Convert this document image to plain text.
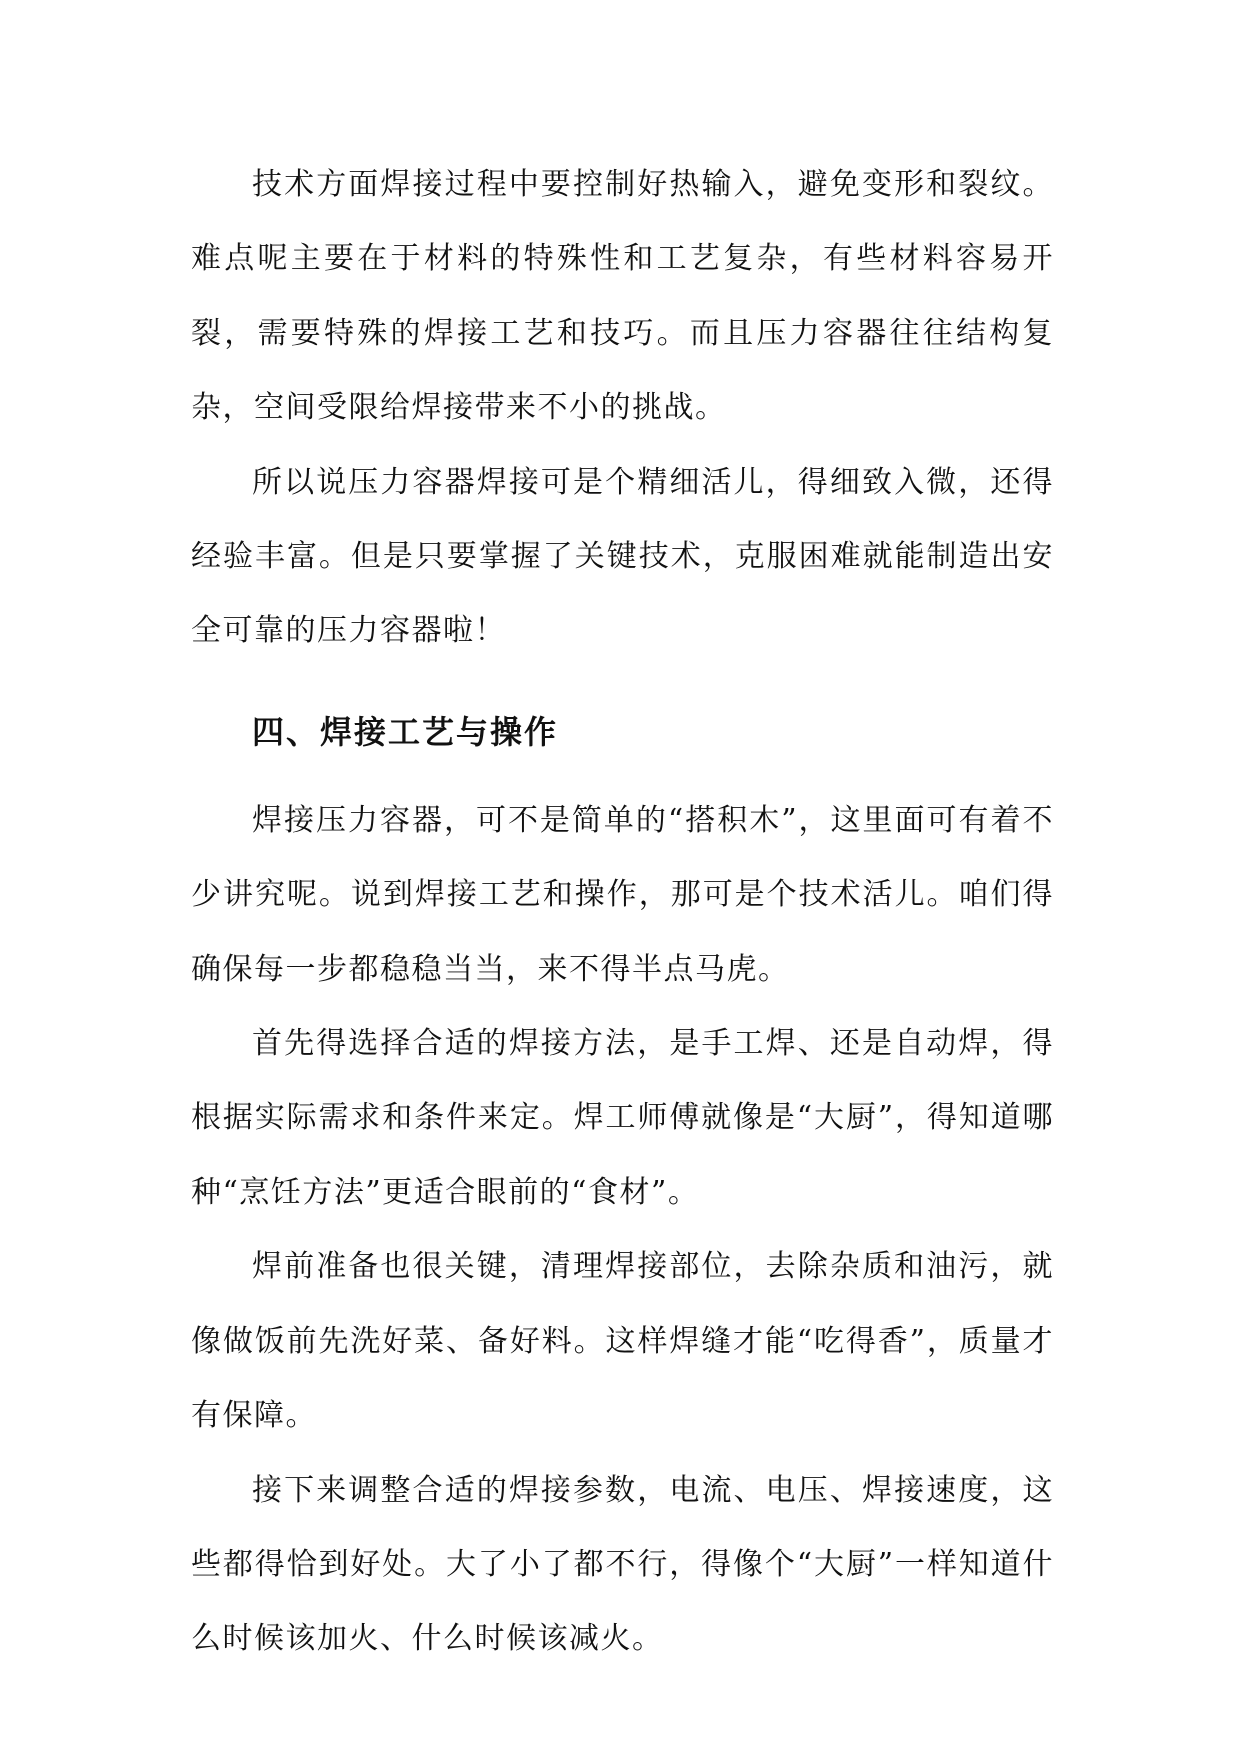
技术方面焊接过程中要控制好热输入，避免变形和裂纹。难点呢主要在于材料的特殊性和工艺复杂，有些材料容易开裂，需要特殊的焊接工艺和技巧。而且压力容器往往结构复杂，空间受限给焊接带来不小的挑战。

所以说压力容器焊接可是个精细活儿，得细致入微，还得经验丰富。但是只要掌握了关键技术，克服困难就能制造出安全可靠的压力容器啦！

四、焊接工艺与操作

焊接压力容器，可不是简单的“搭积木”，这里面可有着不少讲究呢。说到焊接工艺和操作，那可是个技术活儿。咱们得确保每一步都稳稳当当，来不得半点马虎。

首先得选择合适的焊接方法，是手工焊、还是自动焊，得根据实际需求和条件来定。焊工师傅就像是“大厨”，得知道哪种“烹饪方法”更适合眼前的“食材”。

焊前准备也很关键，清理焊接部位，去除杂质和油污，就像做饭前先洗好菜、备好料。这样焊缝才能“吃得香”，质量才有保障。

接下来调整合适的焊接参数，电流、电压、焊接速度，这些都得恰到好处。大了小了都不行，得像个“大厨”一样知道什么时候该加火、什么时候该减火。
